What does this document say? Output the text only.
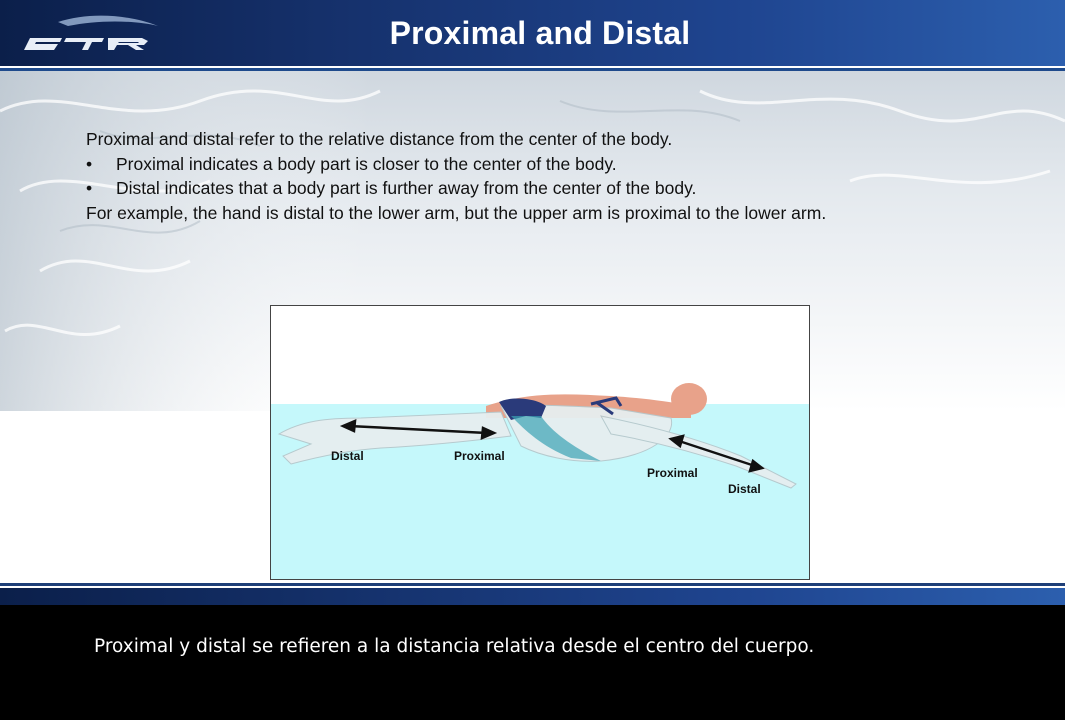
Proximal and Distal
Proximal and distal refer to the relative distance from the center of the body.
• Proximal indicates a body part is closer to the center of the body.
• Distal indicates that a body part is further away from the center of the body.
For example, the hand is distal to the lower arm, but the upper arm is proximal to the lower arm.
Distal	Proximal
Proximal
Distal
Proximal y distal se refieren a la distancia relativa desde el centro del cuerpo.
